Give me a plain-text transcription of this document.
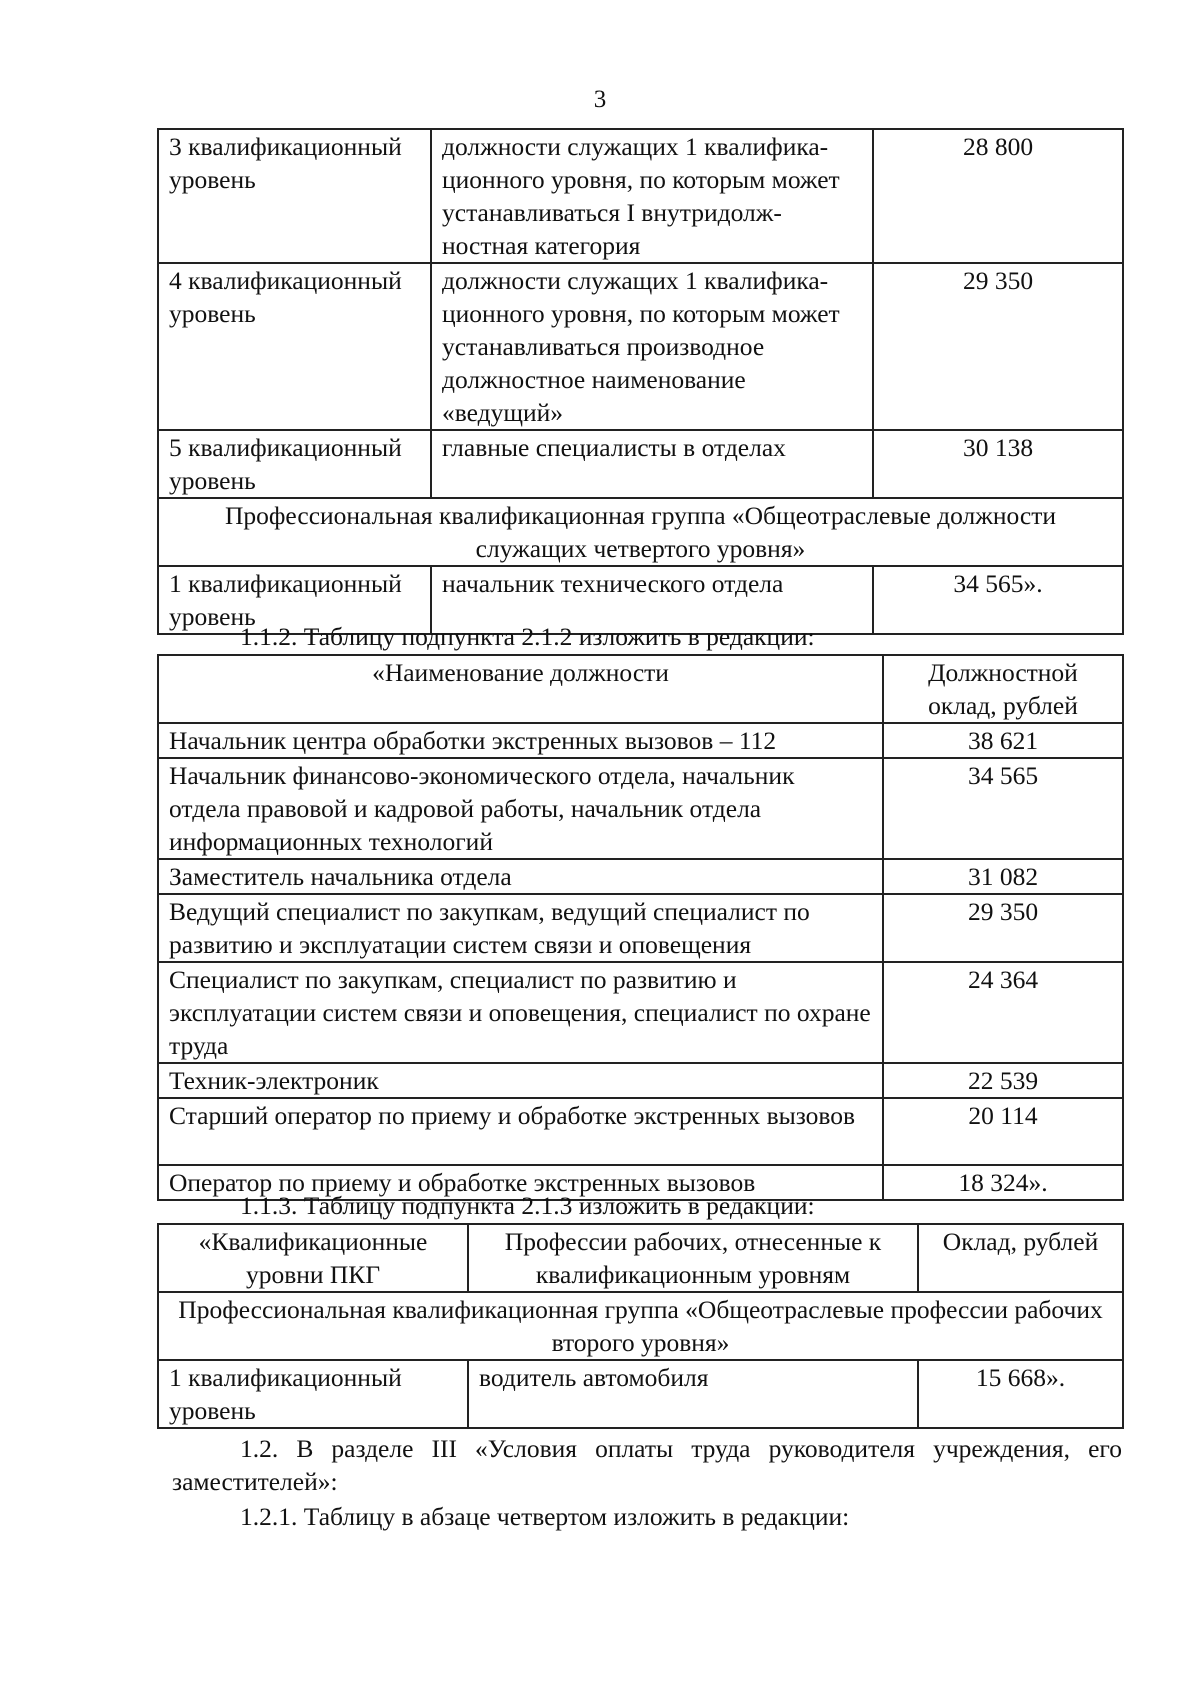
3
3 квалификационный уровень	должности служащих 1 квалифика-ционного уровня, по которым может устанавливаться I внутридолж-ностная категория	28 800
4 квалификационный уровень	должности служащих 1 квалифика-ционного уровня, по которым может устанавливаться производное должностное наименование «ведущий»	29 350
5 квалификационный уровень	главные специалисты в отделах	30 138
Профессиональная квалификационная группа «Общеотраслевые должности служащих четвертого уровня»		
1 квалификационный уровень	начальник технического отдела	34 565».
1.1.2. Таблицу подпункта 2.1.2 изложить в редакции:
«Наименование должности	Должностной оклад, рублей
Начальник центра обработки экстренных вызовов – 112	38 621
Начальник финансово-экономического отдела, начальник отдела правовой и кадровой работы, начальник отдела информационных технологий	34 565
Заместитель начальника отдела	31 082
Ведущий специалист по закупкам, ведущий специалист по развитию и эксплуатации систем связи и оповещения	29 350
Специалист по закупкам, специалист по развитию и эксплуатации систем связи и оповещения, специалист по охране труда	24 364
Техник-электроник	22 539
Старший оператор по приему и обработке экстренных вызовов	20 114
Оператор по приему и обработке экстренных вызовов	18 324».
1.1.3. Таблицу подпункта 2.1.3 изложить в редакции:
«Квалификационные уровни ПКГ	Профессии рабочих, отнесенные к квалификационным уровням	Оклад, рублей
Профессиональная квалификационная группа «Общеотраслевые профессии рабочих второго уровня»		
1 квалификационный уровень	водитель автомобиля	15 668».
1.2. В разделе III «Условия оплаты труда руководителя учреждения, его заместителей»:
1.2.1. Таблицу в абзаце четвертом изложить в редакции:
